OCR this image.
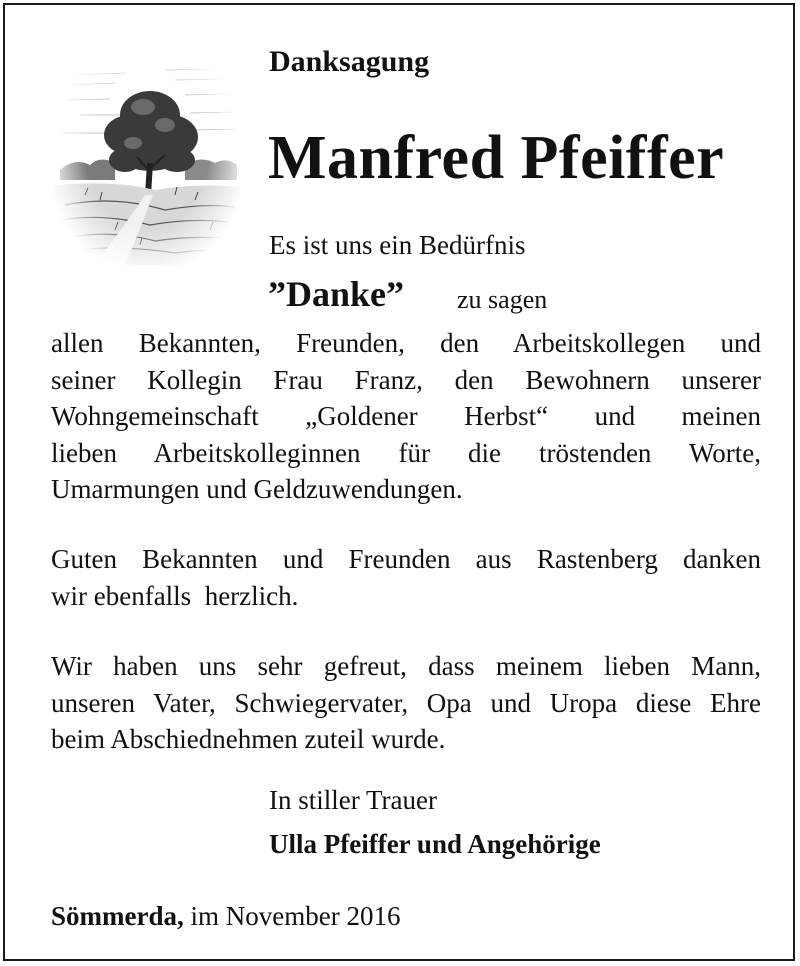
Danksagung

Manfred Pfeiffer

Es ist uns ein Bedürfnis

”Danke” zu sagen

allen Bekannten, Freunden, den Arbeitskollegen und
seiner Kollegin Frau Franz, den Bewohnern unserer
Wohngemeinschaft „Goldener Herbst“ und meinen
lieben Arbeitskolleginnen für die tröstenden Worte,
Umarmungen und Geldzuwendungen.

Guten Bekannten und Freunden aus Rastenberg danken
wir ebenfalls  herzlich.

Wir haben uns sehr gefreut, dass meinem lieben Mann,
unseren Vater, Schwiegervater, Opa und Uropa diese Ehre
beim Abschiednehmen zuteil wurde.

In stiller Trauer

Ulla Pfeiffer und Angehörige

Sömmerda, im November 2016
